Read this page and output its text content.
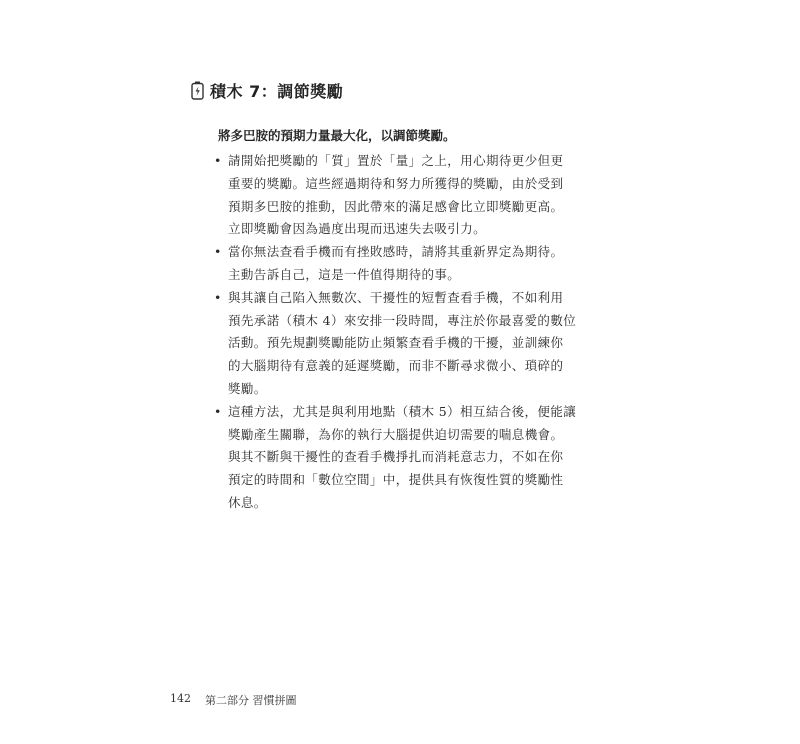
積木 7：調節獎勵
將多巴胺的預期力量最大化，以調節獎勵。
• 請開始把獎勵的「質」置於「量」之上，用心期待更少但更
重要的獎勵。這些經過期待和努力所獲得的獎勵，由於受到
預期多巴胺的推動，因此帶來的滿足感會比立即獎勵更高。
立即獎勵會因為過度出現而迅速失去吸引力。
• 當你無法查看手機而有挫敗感時，請將其重新界定為期待。
主動告訴自己，這是一件值得期待的事。
• 與其讓自己陷入無數次、干擾性的短暫查看手機，不如利用
預先承諾（積木 4）來安排一段時間，專注於你最喜愛的數位
活動。預先規劃獎勵能防止頻繁查看手機的干擾，並訓練你
的大腦期待有意義的延遲獎勵，而非不斷尋求微小、瑣碎的
獎勵。
• 這種方法，尤其是與利用地點（積木 5）相互結合後，便能讓
獎勵產生關聯，為你的執行大腦提供迫切需要的喘息機會。
與其不斷與干擾性的查看手機掙扎而消耗意志力，不如在你
預定的時間和「數位空間」中，提供具有恢復性質的獎勵性
休息。
142 第二部分 習慣拼圖
